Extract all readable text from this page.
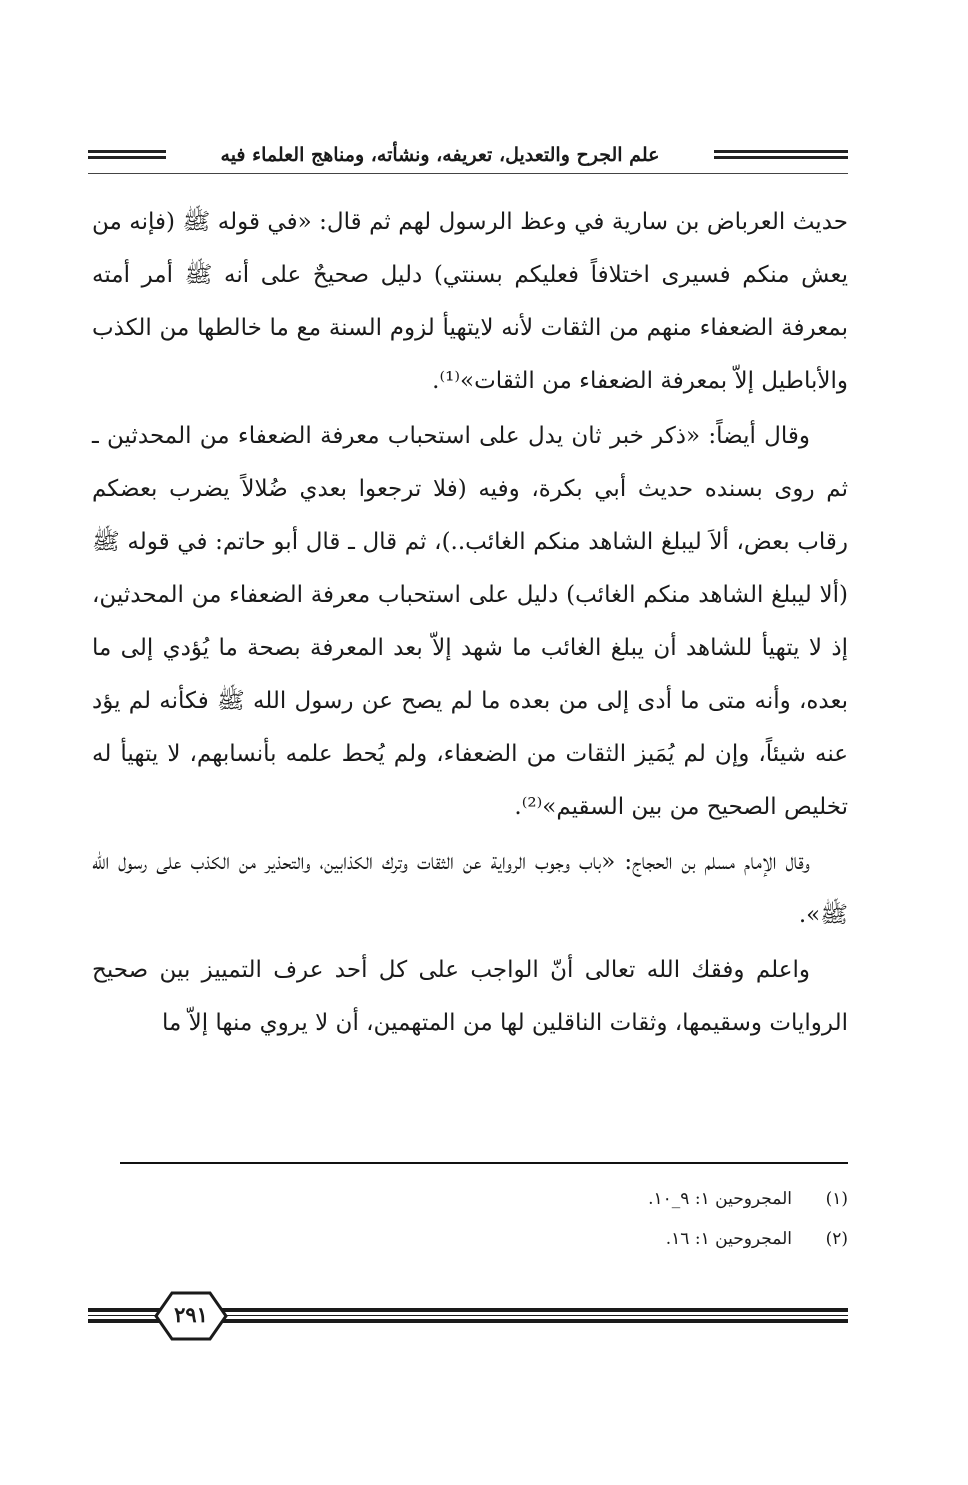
علم الجرح والتعديل، تعريفه، ونشأته، ومناهج العلماء فيه

حديث العرباض بن سارية في وعظ الرسول لهم ثم قال: «في قوله ﷺ (فإنه من يعش منكم فسيرى اختلافاً فعليكم بسنتي) دليل صحيحٌ على أنه ﷺ أمر أمته بمعرفة الضعفاء منهم من الثقات لأنه لايتهيأ لزوم السنة مع ما خالطها من الكذب والأباطيل إلاّ بمعرفة الضعفاء من الثقات»⁽¹⁾.

وقال أيضاً: «ذكر خبر ثان يدل على استحباب معرفة الضعفاء من المحدثين ـ ثم روى بسنده حديث أبي بكرة، وفيه (فلا ترجعوا بعدي ضُلالاً يضرب بعضكم رقاب بعض، ألاَ ليبلغ الشاهد منكم الغائب..)، ثم قال ـ قال أبو حاتم: في قوله ﷺ (ألا ليبلغ الشاهد منكم الغائب) دليل على استحباب معرفة الضعفاء من المحدثين، إذ لا يتهيأ للشاهد أن يبلغ الغائب ما شهد إلاّ بعد المعرفة بصحة ما يُؤدي إلى ما بعده، وأنه متى ما أدى إلى من بعده ما لم يصح عن رسول الله ﷺ فكأنه لم يؤد عنه شيئاً، وإن لم يُمَيز الثقات من الضعفاء، ولم يُحط علمه بأنسابهم، لا يتهيأ له تخليص الصحيح من بين السقيم»⁽²⁾.

وقال الإمام مسلم بن الحجاج: «باب وجوب الرواية عن الثقات وترك الكذابين، والتحذير من الكذب على رسول الله ﷺ».

واعلم وفقك الله تعالى أنّ الواجب على كل أحد عرف التمييز بين صحيح الروايات وسقيمها، وثقات الناقلين لها من المتهمين، أن لا يروي منها إلاّ ما

(١)المجروحين ١: ٩_١٠.
(٢)المجروحين ١: ١٦.
٢٩١
